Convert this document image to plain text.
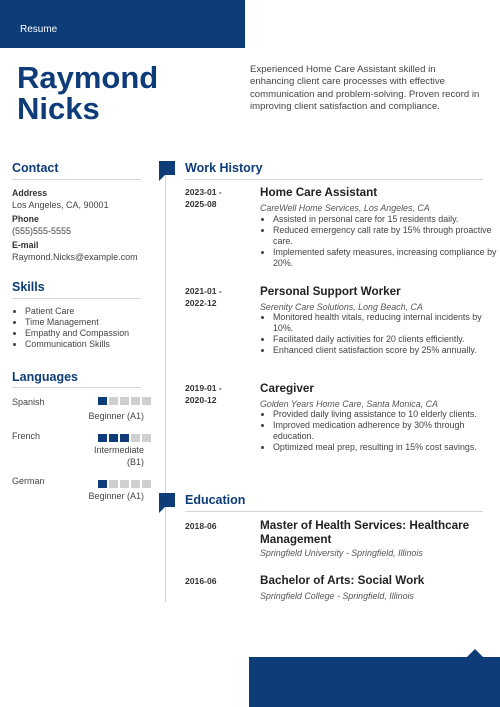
Resume
Raymond
Nicks
Experienced Home Care Assistant skilled in enhancing client care processes with effective communication and problem-solving. Proven record in improving client satisfaction and compliance.
Contact
Address
Los Angeles, CA, 90001
Phone
(555)555-5555
E-mail
Raymond.Nicks@example.com
Skills
• Patient Care
• Time Management
• Empathy and Compassion
• Communication Skills
Languages
Spanish
Beginner (A1)
French
Intermediate (B1)
German
Beginner (A1)
Work History
2023-01 - 2025-08
Home Care Assistant
CareWell Home Services, Los Angeles, CA
• Assisted in personal care for 15 residents daily.
• Reduced emergency call rate by 15% through proactive care.
• Implemented safety measures, increasing compliance by 20%.
2021-01 - 2022-12
Personal Support Worker
Serenity Care Solutions, Long Beach, CA
• Monitored health vitals, reducing internal incidents by 10%.
• Facilitated daily activities for 20 clients efficiently.
• Enhanced client satisfaction score by 25% annually.
2019-01 - 2020-12
Caregiver
Golden Years Home Care, Santa Monica, CA
• Provided daily living assistance to 10 elderly clients.
• Improved medication adherence by 30% through education.
• Optimized meal prep, resulting in 15% cost savings.
Education
2018-06	Master of Health Services: Healthcare Management
Springfield University - Springfield, Illinois
2016-06	Bachelor of Arts: Social Work
Springfield College - Springfield, Illinois
